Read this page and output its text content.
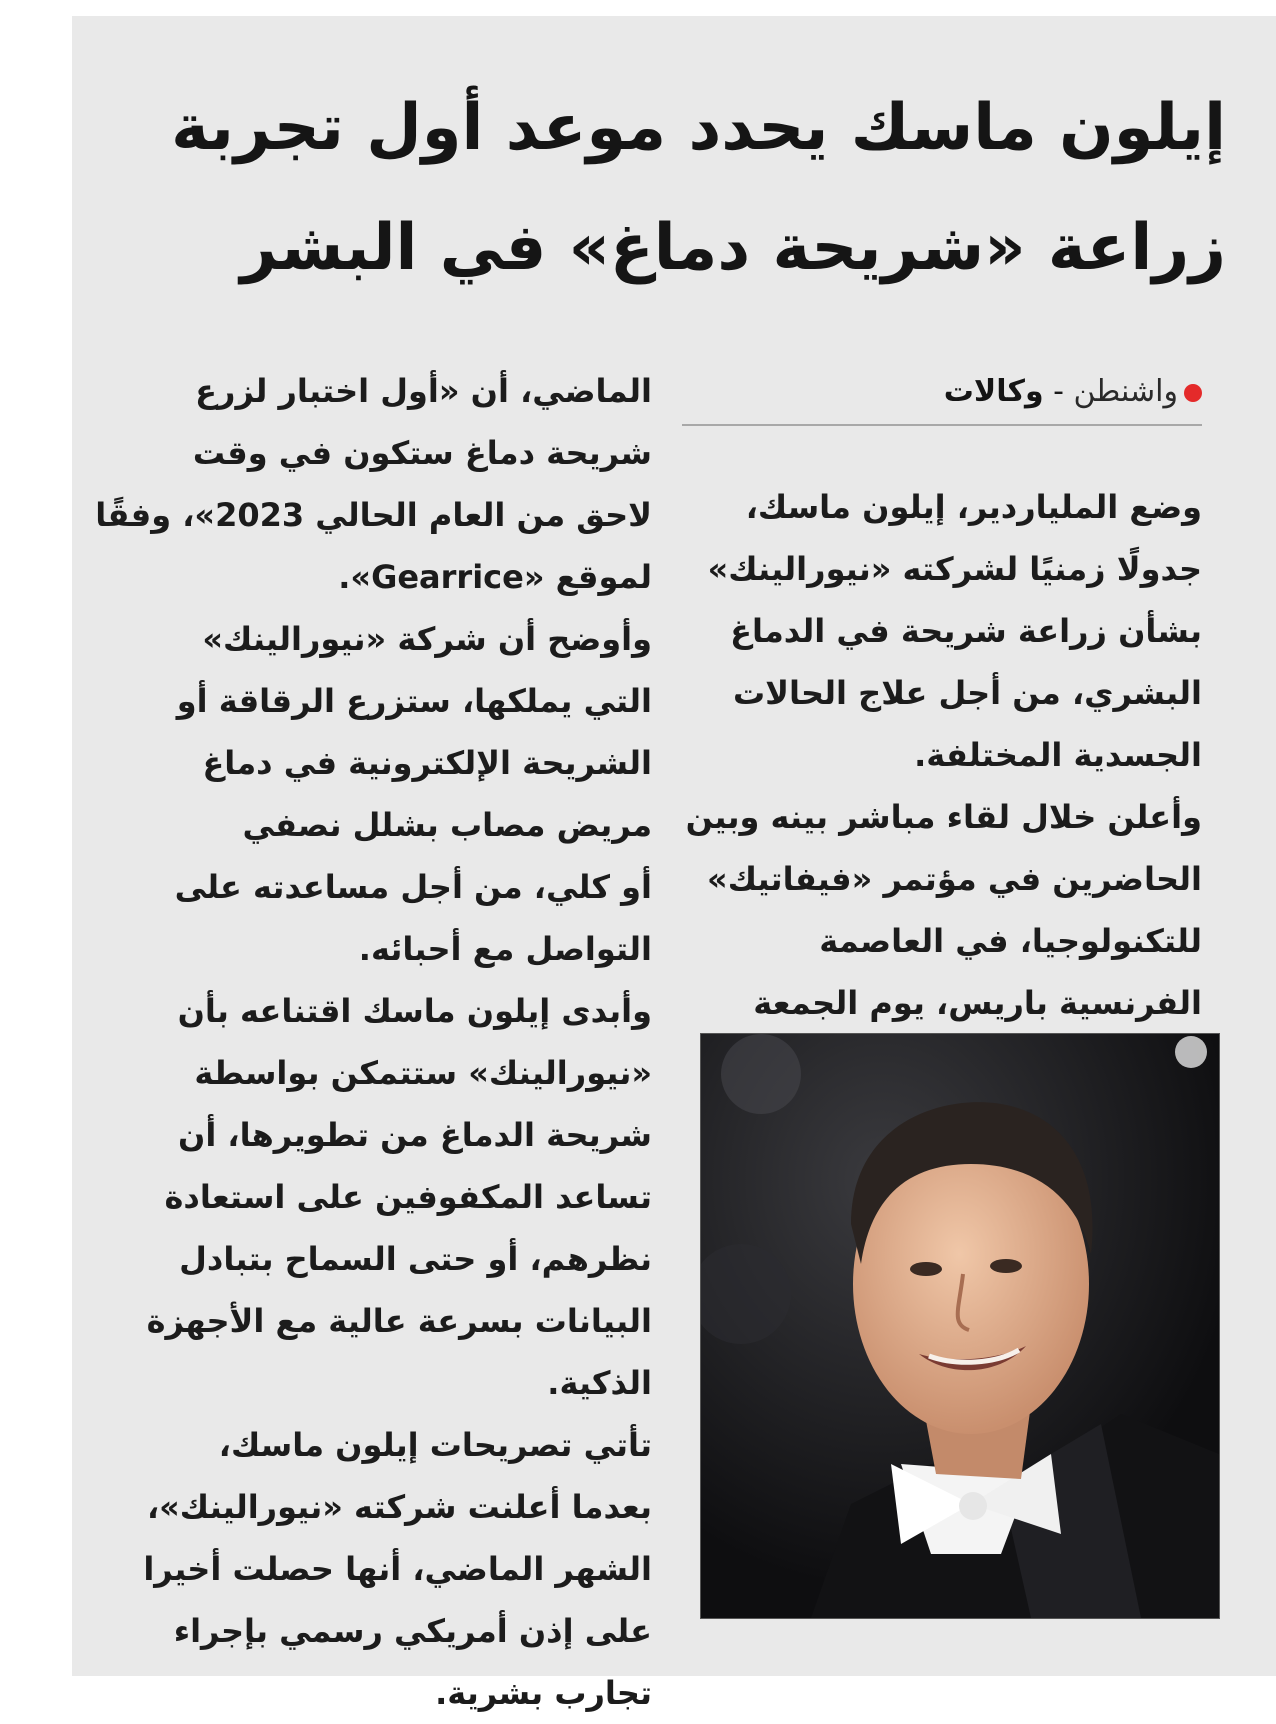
إيلون ماسك يحدد موعد أول تجربة
زراعة «شريحة دماغ» في البشر
واشنطن - وكالات

وضع الملياردير، إيلون ماسك،

جدولًا زمنيًا لشركته «نيورالينك»

بشأن زراعة شريحة في الدماغ

البشري، من أجل علاج الحالات

الجسدية المختلفة.

وأعلن خلال لقاء مباشر بينه وبين

الحاضرين في مؤتمر «فيفاتيك»

للتكنولوجيا، في العاصمة

الفرنسية باريس، يوم الجمعة

الماضي، أن «أول اختبار لزرع

شريحة دماغ ستكون في وقت

لاحق من العام الحالي 2023»، وفقًا

لموقع «Gearrice».

وأوضح أن شركة «نيورالينك»

التي يملكها، ستزرع الرقاقة أو

الشريحة الإلكترونية في دماغ

مريض مصاب بشلل نصفي

أو كلي، من أجل مساعدته على

التواصل مع أحبائه.

وأبدى إيلون ماسك اقتناعه بأن

«نيورالينك» ستتمكن بواسطة

شريحة الدماغ من تطويرها، أن

تساعد المكفوفين على استعادة

نظرهم، أو حتى السماح بتبادل

البيانات بسرعة عالية مع الأجهزة

الذكية.

تأتي تصريحات إيلون ماسك،

بعدما أعلنت شركته «نيورالينك»،

الشهر الماضي، أنها حصلت أخيرا

على إذن أمريكي رسمي بإجراء

تجارب بشرية.
